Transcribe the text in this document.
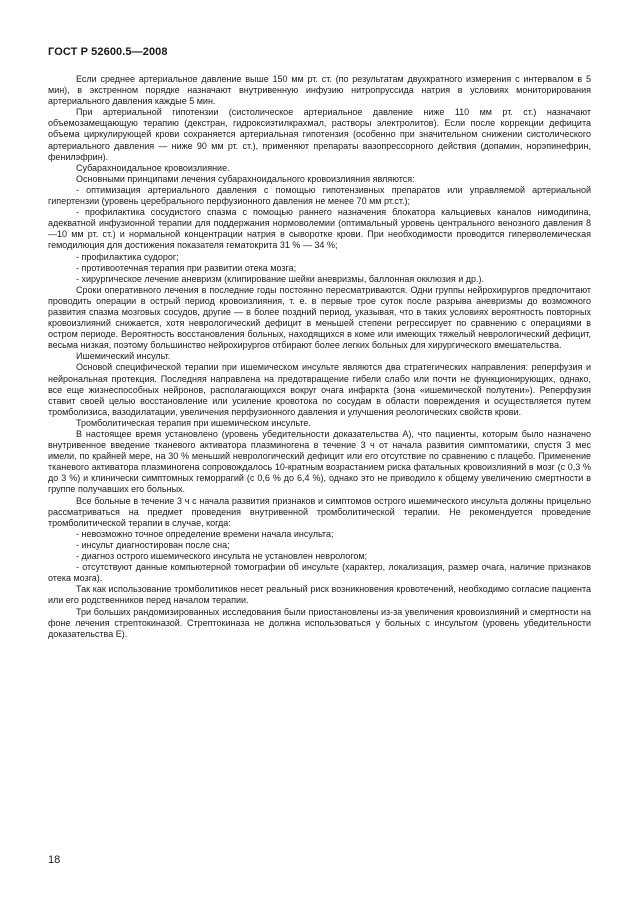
ГОСТ Р 52600.5—2008

Если среднее артериальное давление выше 150 мм рт. ст. (по результатам двухкратного измерения с интервалом в 5 мин), в экстренном порядке назначают внутривенную инфузию нитропруссида натрия в условиях мониторирования артериального давления каждые 5 мин.

При артериальной гипотензии (систолическое артериальное давление ниже 110 мм рт. ст.) назначают объемозамещающую терапию (декстран, гидроксиэтилкрахмал, растворы электролитов). Если после коррекции дефицита объема циркулирующей крови сохраняется артериальная гипотензия (особенно при значительном снижении систолического артериального давления — ниже 90 мм рт. ст.), применяют препараты вазопрессорного действия (допамин, норэпинефрин, фенилэфрин).

Субарахноидальное кровоизлияние.

Основными принципами лечения субарахноидального кровоизлияния являются:

- оптимизация артериального давления с помощью гипотензивных препаратов или управляемой артериальной гипертензии (уровень церебрального перфузионного давления не менее 70 мм рт.ст.);

- профилактика сосудистого спазма с помощью раннего назначения блокатора кальциевых каналов нимодипина, адекватной инфузионной терапии для поддержания нормоволемии (оптимальный уровень центрального венозного давления 8—10 мм рт. ст.) и нормальной концентрации натрия в сыворотке крови. При необходимости проводится гиперволемическая гемодилюция для достижения показателя гематокрита 31 % — 34 %;

- профилактика судорог;

- противоотечная терапия при развитии отека мозга;

- хирургическое лечение аневризм (клипирование шейки аневризмы, баллонная окклюзия и др.).

Сроки оперативного лечения в последние годы постоянно пересматриваются. Одни группы нейрохирургов предпочитают проводить операции в острый период кровоизлияния, т. е. в первые трое суток после разрыва аневризмы до возможного развития спазма мозговых сосудов, другие — в более поздний период, указывая, что в таких условиях вероятность повторных кровоизлияний снижается, хотя неврологический дефицит в меньшей степени регрессирует по сравнению с операциями в остром периоде. Вероятность восстановления больных, находящихся в коме или имеющих тяжелый неврологический дефицит, весьма низкая, поэтому большинство нейрохирургов отбирают более легких больных для хирургического вмешательства.

Ишемический инсульт.

Основой специфической терапии при ишемическом инсульте являются два стратегических направления: реперфузия и нейрональная протекция. Последняя направлена на предотвращение гибели слабо или почти не функционирующих, однако, все еще жизнеспособных нейронов, располагающихся вокруг очага инфаркта (зона «ишемической полутени»). Реперфузия ставит своей целью восстановление или усиление кровотока по сосудам в области повреждения и осуществляется путем тромболизиса, вазодилатации, увеличения перфузионного давления и улучшения реологических свойств крови.

Тромболитическая терапия при ишемическом инсульте.

В настоящее время установлено (уровень убедительности доказательства А), что пациенты, которым было назначено внутривенное введение тканевого активатора плазминогена в течение 3 ч от начала развития симптоматики, спустя 3 мес имели, по крайней мере, на 30 % меньший неврологический дефицит или его отсутствие по сравнению с плацебо. Применение тканевого активатора плазминогена сопровождалось 10-кратным возрастанием риска фатальных кровоизлияний в мозг (с 0,3 % до 3 %) и клинически симптомных геморрагий (с 0,6 % до 6,4 %), однако это не приводило к общему увеличению смертности в группе получавших его больных.

Все больные в течение 3 ч с начала развития признаков и симптомов острого ишемического инсульта должны прицельно рассматриваться на предмет проведения внутривенной тромболитической терапии. Не рекомендуется проведение тромболитической терапии в случае, когда:

- невозможно точное определение времени начала инсульта;

- инсульт диагностирован после сна;

- диагноз острого ишемического инсульта не установлен неврологом;

- отсутствуют данные компьютерной томографии об инсульте (характер, локализация, размер очага, наличие признаков отека мозга).

Так как использование тромболитиков несет реальный риск возникновения кровотечений, необходимо согласие пациента или его родственников перед началом терапии.

Три больших рандомизированных исследования были приостановлены из-за увеличения кровоизлияний и смертности на фоне лечения стрептокиназой. Стрептокиназа не должна использоваться у больных с инсультом (уровень убедительности доказательства Е).

18
